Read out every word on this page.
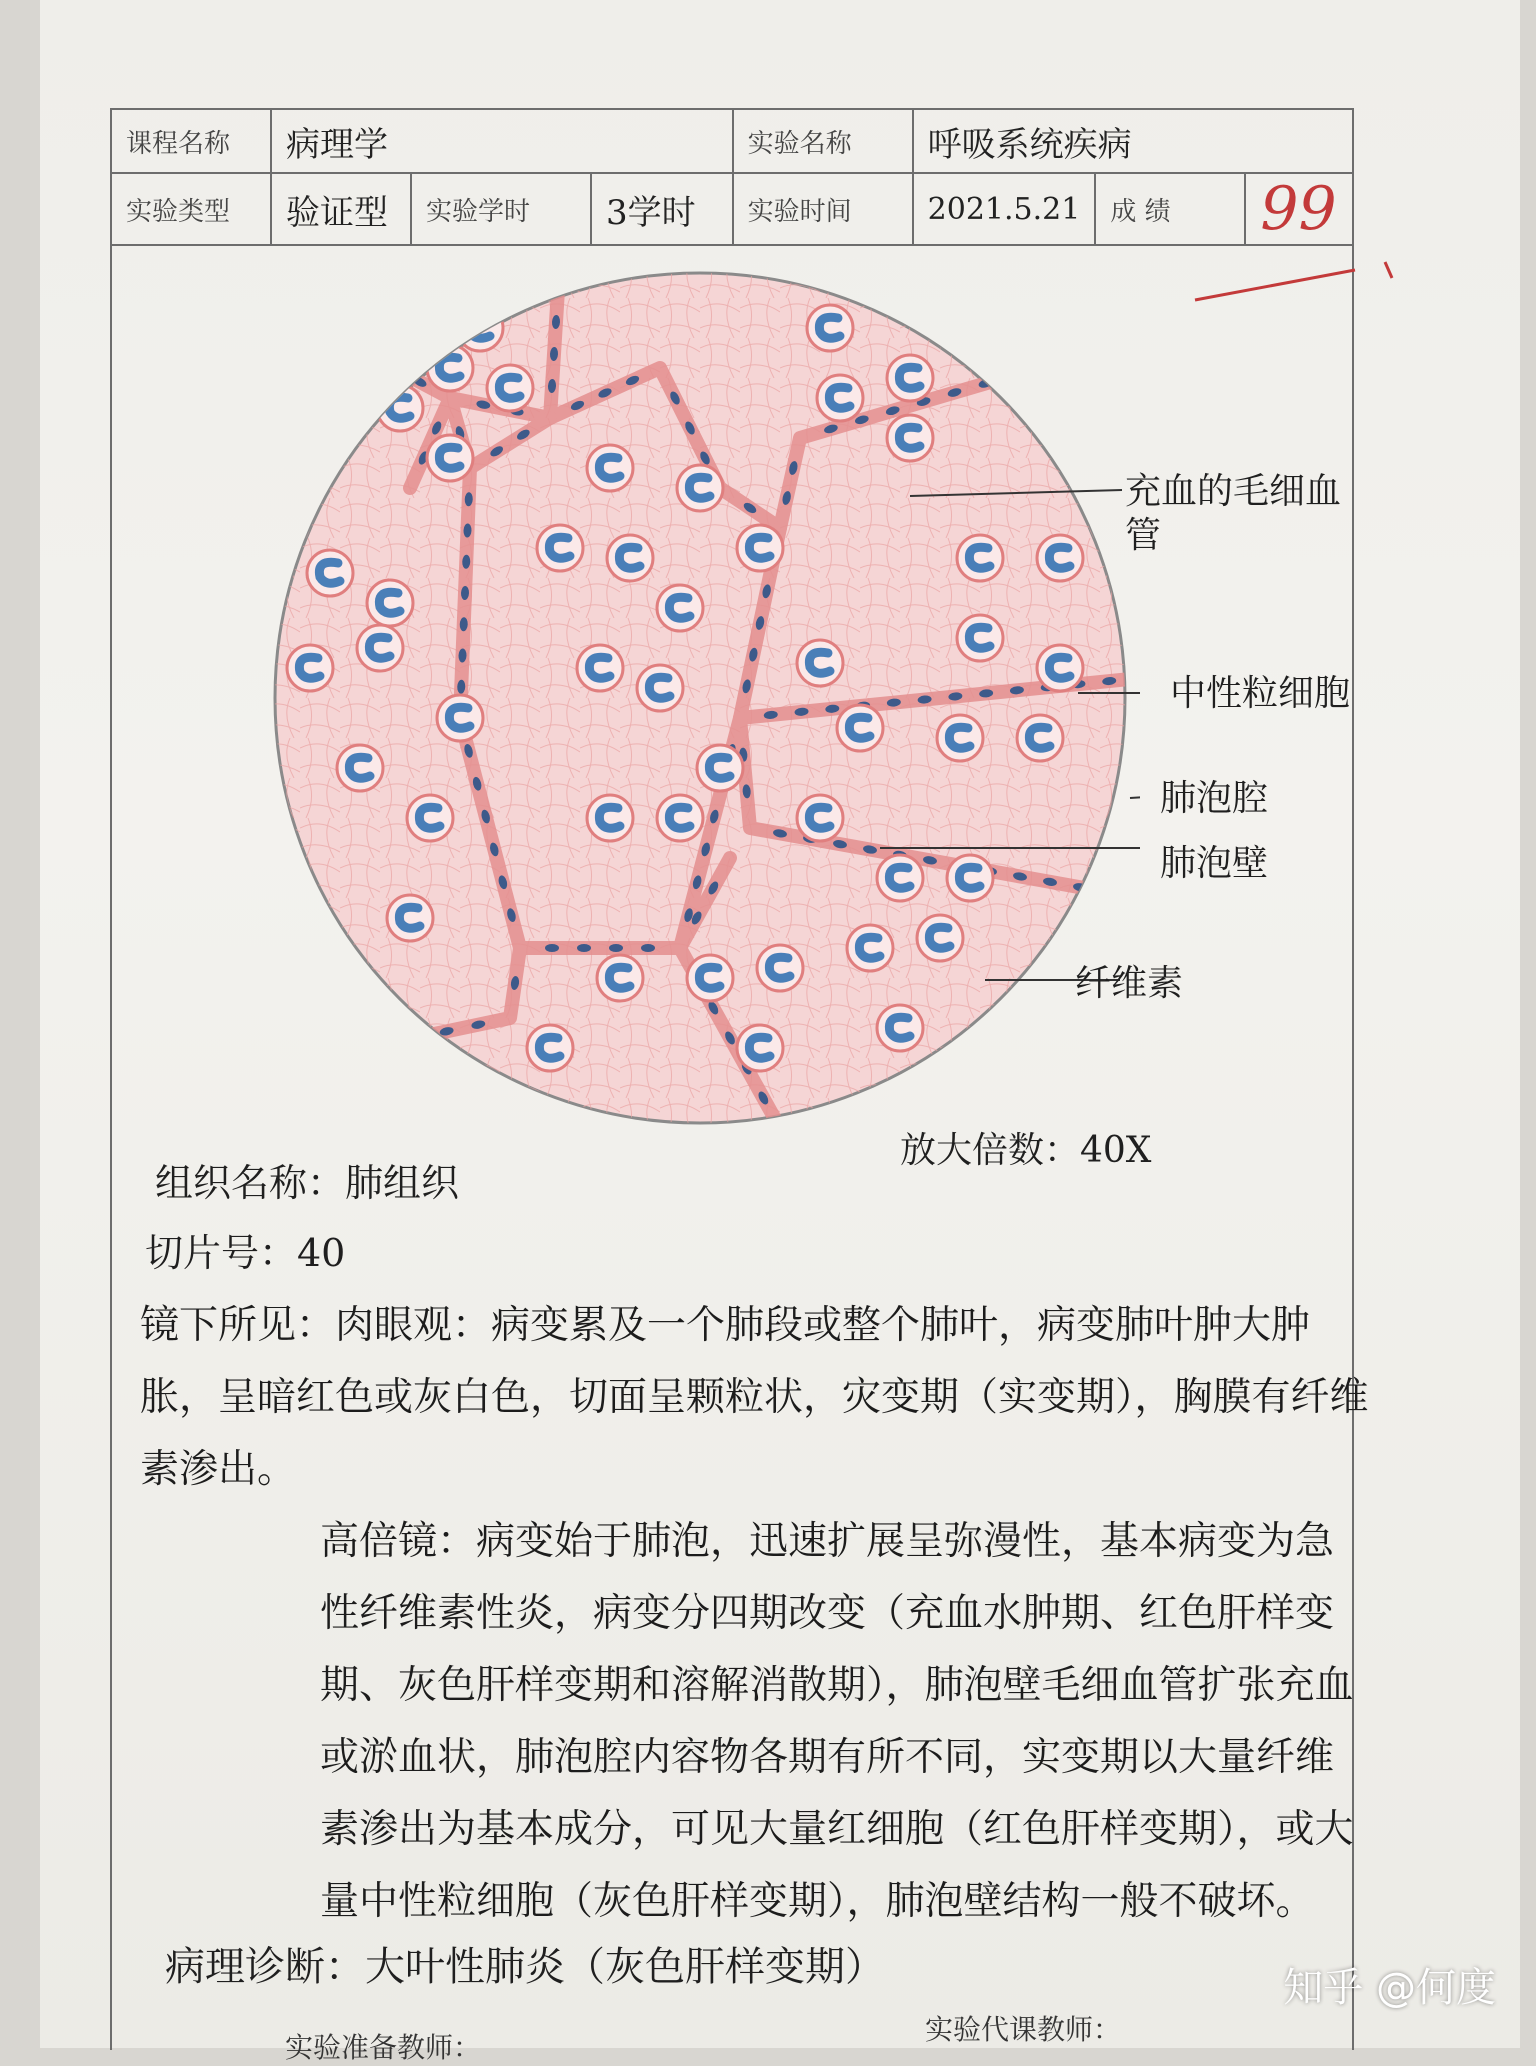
课程名称	病理学			实验名称	呼吸系统疾病		
实验类型	验证型	实验学时	3学时	实验时间	2021.5.21	成 绩	99
充血的毛细血管
中性粒细胞
肺泡腔
肺泡壁
纤维素
放大倍数：40X
组织名称：肺组织
切片号：40

镜下所见：肉眼观：病变累及一个肺段或整个肺叶，病变肺叶肿大肿胀，呈暗红色或灰白色，切面呈颗粒状，灾变期（实变期），胸膜有纤维素渗出。

高倍镜：病变始于肺泡，迅速扩展呈弥漫性，基本病变为急性纤维素性炎，病变分四期改变（充血水肿期、红色肝样变期、灰色肝样变期和溶解消散期），肺泡壁毛细血管扩张充血或淤血状，肺泡腔内容物各期有所不同，实变期以大量纤维素渗出为基本成分，可见大量红细胞（红色肝样变期），或大量中性粒细胞（灰色肝样变期），肺泡壁结构一般不破坏。

病理诊断：大叶性肺炎（灰色肝样变期）
实验代课教师：
实验准备教师：
知乎 @何度
